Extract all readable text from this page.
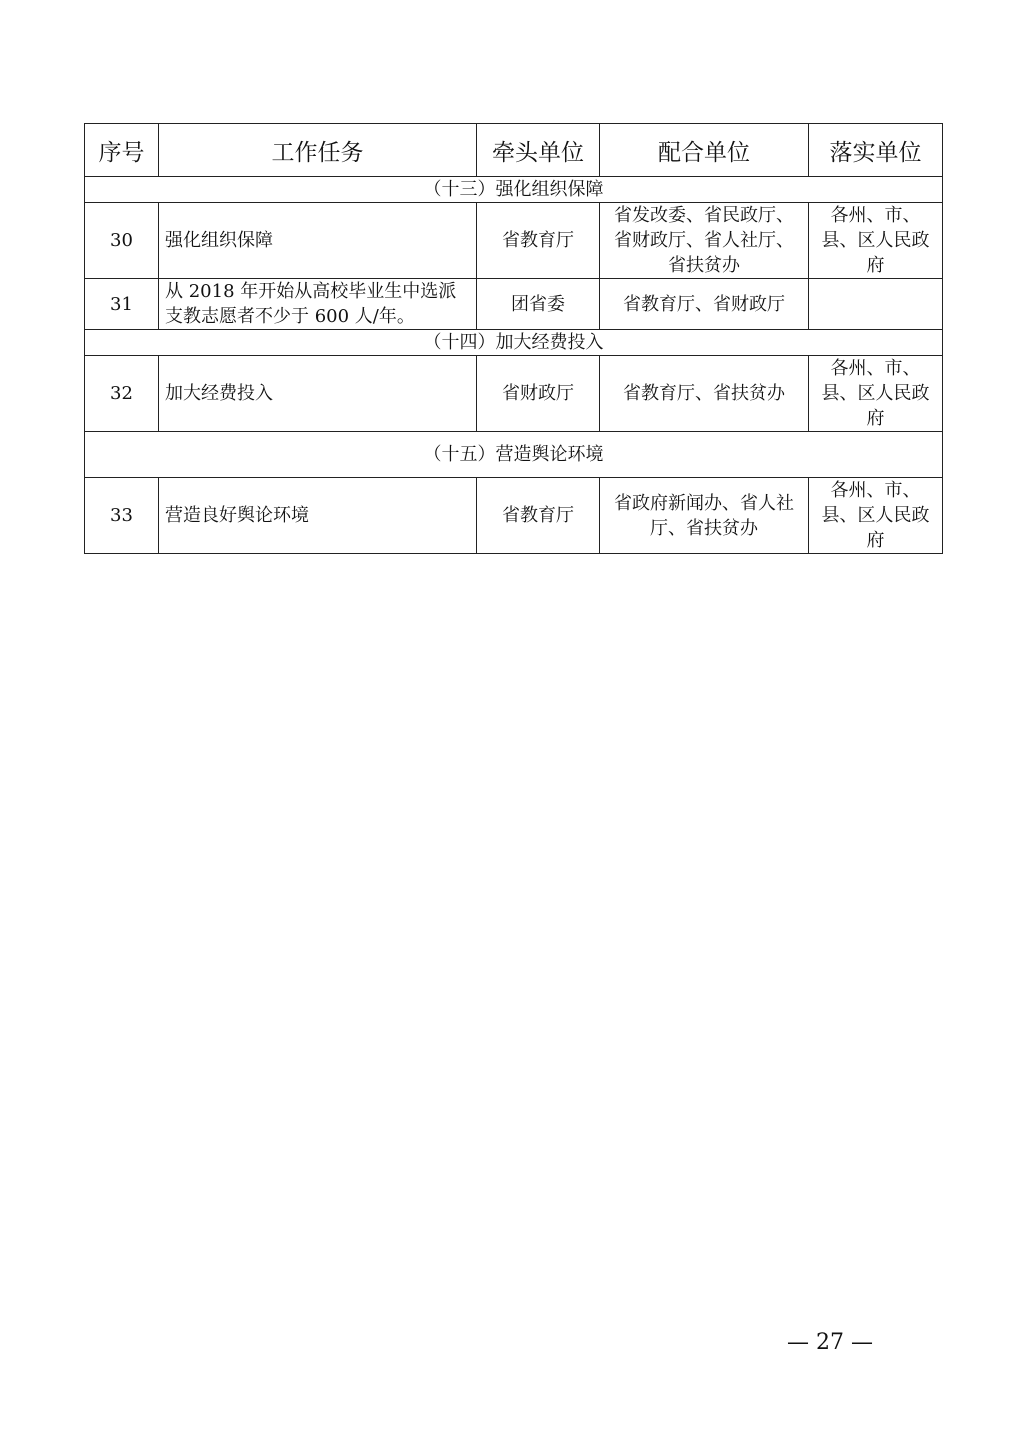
序号	工作任务	牵头单位	配合单位	落实单位
（十三）强化组织保障				
30	强化组织保障	省教育厅	省发改委、省民政厅、省财政厅、省人社厅、省扶贫办	各州、市、县、区人民政府
31	从 2018 年开始从高校毕业生中选派支教志愿者不少于 600 人/年。	团省委	省教育厅、省财政厅	
（十四）加大经费投入				
32	加大经费投入	省财政厅	省教育厅、省扶贫办	各州、市、县、区人民政府
（十五）营造舆论环境				
33	营造良好舆论环境	省教育厅	省政府新闻办、省人社厅、省扶贫办	各州、市、县、区人民政府
— 27 —
